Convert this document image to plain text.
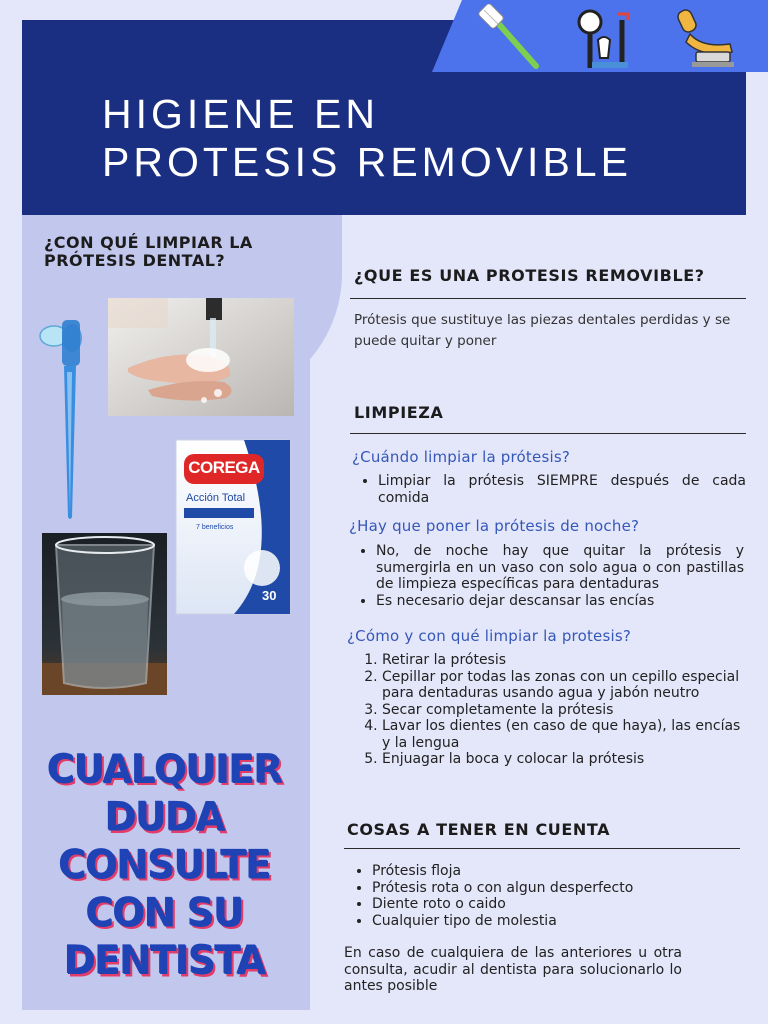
HIGIENE EN
PROTESIS REMOVIBLE
¿CON QUÉ LIMPIAR LA PRÓTESIS DENTAL?
COREGA
Acción Total
7 beneficios
30
CUALQUIER
DUDA
CONSULTE
CON SU
DENTISTA
¿QUE ES UNA PROTESIS REMOVIBLE?
Prótesis que sustituye las piezas dentales perdidas y se puede quitar y poner
LIMPIEZA
¿Cuándo limpiar la prótesis?
• Limpiar la prótesis SIEMPRE después de cada comida
¿Hay que poner la prótesis de noche?
• No, de noche hay que quitar la prótesis y sumergirla en un vaso con solo agua o con pastillas de limpieza específicas para dentaduras
• Es necesario dejar descansar las encías
¿Cómo y con qué limpiar la protesis?
1. Retirar la prótesis
2. Cepillar por todas las zonas con un cepillo especial para dentaduras usando agua y jabón neutro
3. Secar completamente la prótesis
4. Lavar los dientes (en caso de que haya), las encías y la lengua
5. Enjuagar la boca y colocar la prótesis
COSAS A TENER EN CUENTA
• Prótesis floja
• Prótesis rota o con algun desperfecto
• Diente roto o caido
• Cualquier tipo de molestia
En caso de cualquiera de las anteriores u otra consulta, acudir al dentista para solucionarlo lo antes posible
